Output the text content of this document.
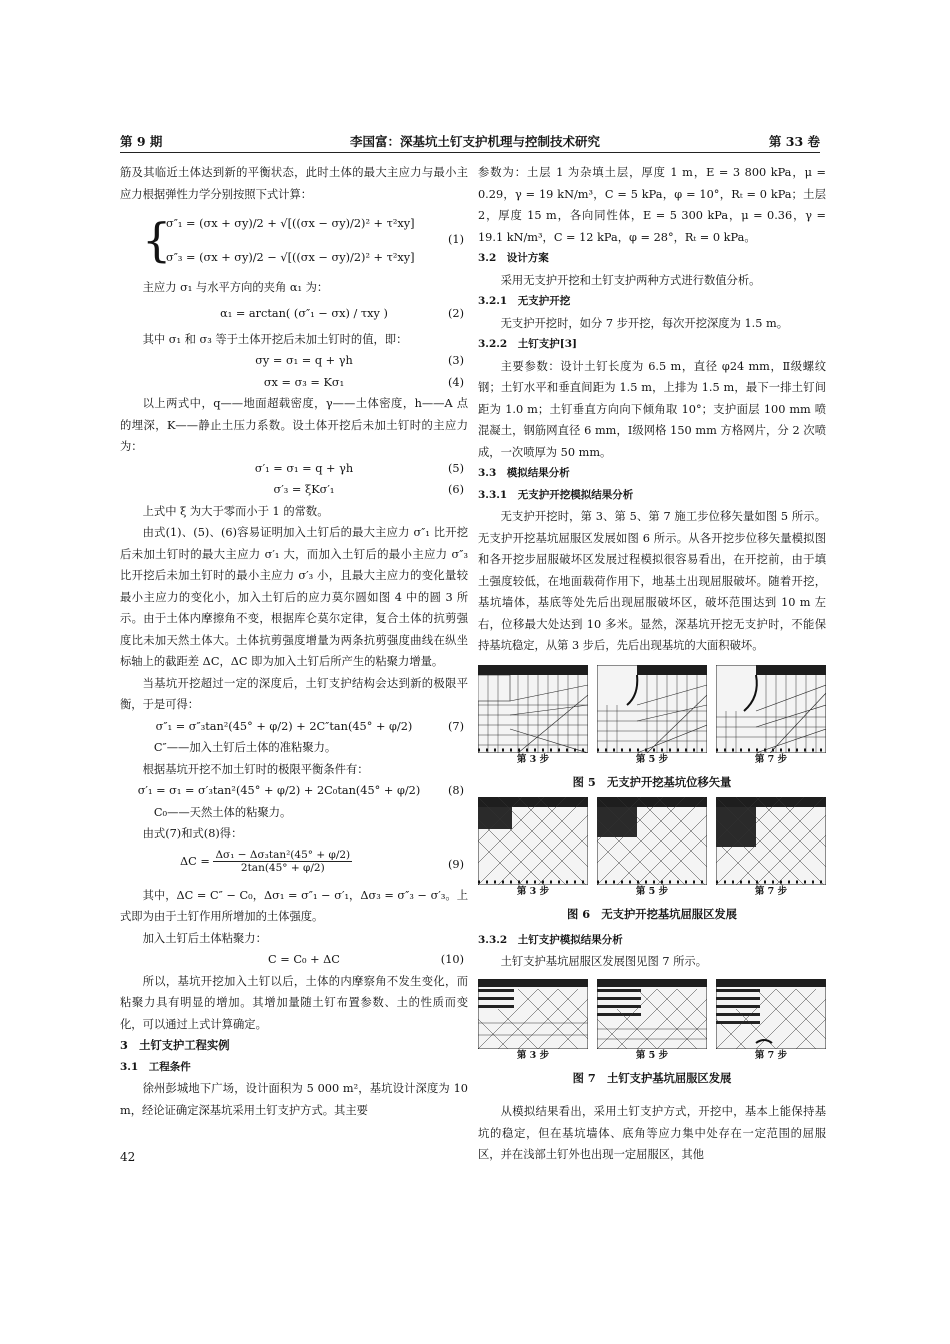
第 9 期	李国富：深基坑土钉支护机理与控制技术研究	第 33 卷

筋及其临近土体达到新的平衡状态，此时土体的最大主应力与最小主应力根据弹性力学分别按照下式计算：

{
σ″₁ = (σx + σy)/2 + √[((σx − σy)/2)² + τ²xy]
σ″₃ = (σx + σy)/2 − √[((σx − σy)/2)² + τ²xy]
(1)

主应力 σ₁ 与水平方向的夹角 α₁ 为：

α₁ = arctan( (σ″₁ − σx) / τxy )	(2)

其中 σ₁ 和 σ₃ 等于土体开挖后未加土钉时的值，即：

σy = σ₁ = q + γh	(3)
σx = σ₃ = Kσ₁	(4)

以上两式中，q——地面超载密度，γ——土体密度，h——A 点的埋深，K——静止土压力系数。设土体开挖后未加土钉时的主应力为：

σ′₁ = σ₁ = q + γh	(5)
σ′₃ = ξKσ′₁	(6)

上式中 ξ 为大于零而小于 1 的常数。

由式(1)、(5)、(6)容易证明加入土钉后的最大主应力 σ″₁ 比开挖后未加土钉时的最大主应力 σ′₁ 大，而加入土钉后的最小主应力 σ″₃ 比开挖后未加土钉时的最小主应力 σ′₃ 小，且最大主应力的变化量较最小主应力的变化小，加入土钉后的应力莫尔圆如图 4 中的圆 3 所示。由于土体内摩擦角不变，根据库仑莫尔定律，复合土体的抗剪强度比未加天然土体大。土体抗剪强度增量为两条抗剪强度曲线在纵坐标轴上的截距差 ΔC，ΔC 即为加入土钉后所产生的粘聚力增量。

当基坑开挖超过一定的深度后，土钉支护结构会达到新的极限平衡，于是可得：

σ″₁ = σ″₃tan²(45° + φ/2) + 2C″tan(45° + φ/2)	(7)

C″——加入土钉后土体的准粘聚力。

根据基坑开挖不加土钉时的极限平衡条件有：

σ′₁ = σ₁ = σ′₃tan²(45° + φ/2) + 2C₀tan(45° + φ/2)	(8)

C₀——天然土体的粘聚力。

由式(7)和式(8)得：

$\Delta C = \frac{\text{Δσ₁ − Δσ₃tan²(45° + φ/2)}}{2\tan(45^\circ + \varphi/2)}$	(9)

其中，ΔC = C″ − C₀，Δσ₁ = σ″₁ − σ′₁，Δσ₃ = σ″₃ − σ′₃。上式即为由于土钉作用所增加的土体强度。

加入土钉后土体粘聚力：

C = C₀ + ΔC	(10)

所以，基坑开挖加入土钉以后，土体的内摩察角不发生变化，而粘聚力具有明显的增加。其增加量随土钉布置参数、土的性质而变化，可以通过上式计算确定。

3　土钉支护工程实例

3.1　工程条件

徐州彭城地下广场，设计面积为 5 000 m²，基坑设计深度为 10 m，经论证确定深基坑采用土钉支护方式。其主要

参数为：土层 1 为杂填土层，厚度 1 m，E = 3 800 kPa，μ = 0.29，γ = 19 kN/m³，C = 5 kPa，φ = 10°，Rₜ = 0 kPa；土层 2，厚度 15 m，各向同性体，E = 5 300 kPa，μ = 0.36，γ = 19.1 kN/m³，C = 12 kPa，φ = 28°，Rₜ = 0 kPa。

3.2　设计方案

采用无支护开挖和土钉支护两种方式进行数值分析。

3.2.1　无支护开挖

无支护开挖时，如分 7 步开挖，每次开挖深度为 1.5 m。

3.2.2　土钉支护[3]

主要参数：设计土钉长度为 6.5 m，直径 φ24 mm，Ⅱ级螺纹钢；土钉水平和垂直间距为 1.5 m，上排为 1.5 m，最下一排土钉间距为 1.0 m；土钉垂直方向向下倾角取 10°；支护面层 100 mm 喷混凝土，钢筋网直径 6 mm，Ⅰ级网格 150 mm 方格网片，分 2 次喷成，一次喷厚为 50 mm。

3.3　模拟结果分析

3.3.1　无支护开挖模拟结果分析

无支护开挖时，第 3、第 5、第 7 施工步位移矢量如图 5 所示。无支护开挖基坑屈服区发展如图 6 所示。从各开挖步位移矢量模拟图和各开挖步屈服破坏区发展过程模拟很容易看出，在开挖前，由于填土强度较低，在地面载荷作用下，地基土出现屈服破坏。随着开挖，基坑墙体，基底等处先后出现屈服破坏区，破坏范围达到 10 m 左右，位移最大处达到 10 多米。显然，深基坑开挖无支护时，不能保持基坑稳定，从第 3 步后，先后出现基坑的大面积破坏。

第 3 步	第 5 步	第 7 步
图 5　无支护开挖基坑位移矢量
第 3 步	第 5 步	第 7 步
图 6　无支护开挖基坑屈服区发展

3.3.2　土钉支护模拟结果分析

土钉支护基坑屈服区发展图见图 7 所示。

第 3 步	第 5 步	第 7 步
图 7　土钉支护基坑屈服区发展

从模拟结果看出，采用土钉支护方式，开挖中，基本上能保持基坑的稳定，但在基坑墙体、底角等应力集中处存在一定范围的屈服区，并在浅部土钉外也出现一定屈服区，其他

42
